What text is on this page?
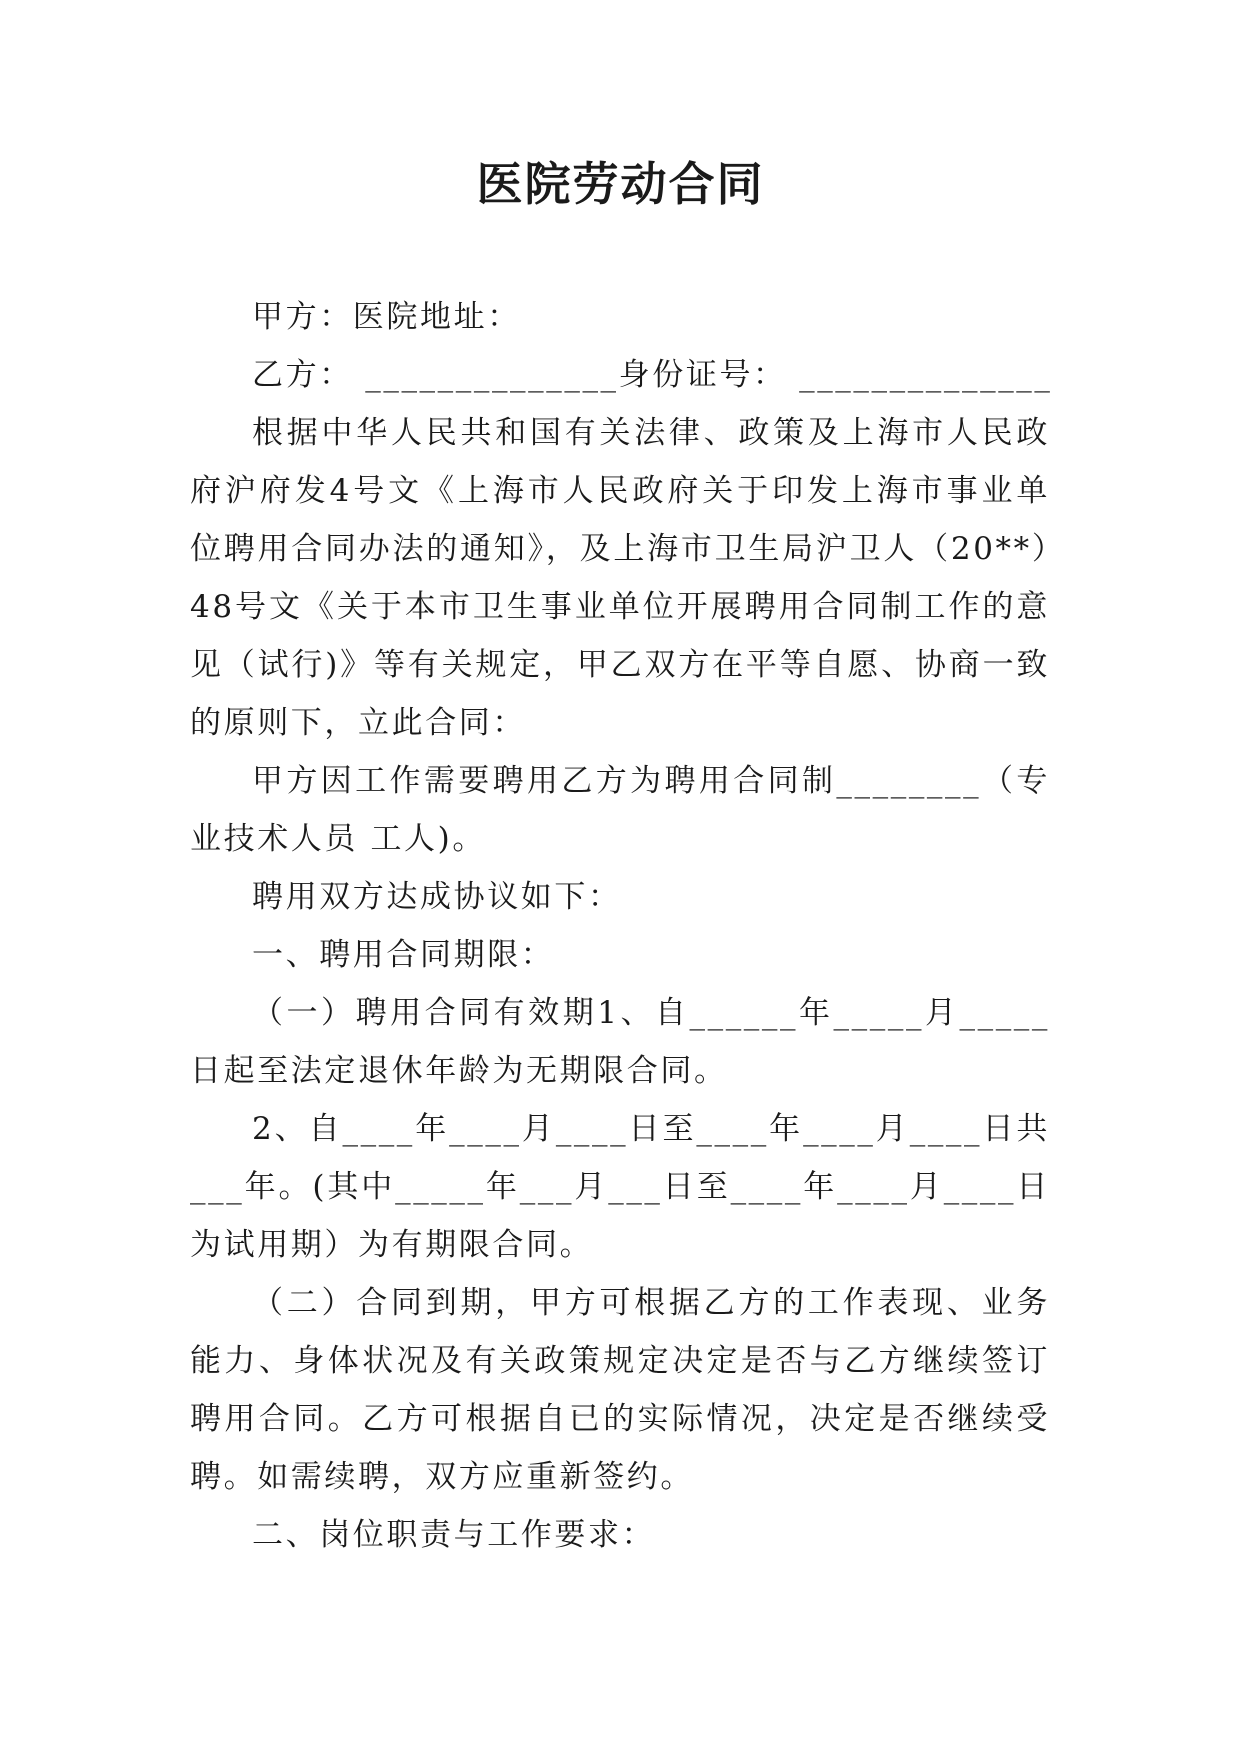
医院劳动合同

甲方：医院地址：

乙方： ______________身份证号： ______________

根据中华人民共和国有关法律、政策及上海市人民政府沪府发4号文《上海市人民政府关于印发上海市事业单位聘用合同办法的通知》，及上海市卫生局沪卫人（20**）48号文《关于本市卫生事业单位开展聘用合同制工作的意见（试行)》等有关规定，甲乙双方在平等自愿、协商一致的原则下，立此合同：

甲方因工作需要聘用乙方为聘用合同制________（专业技术人员 工人)。

聘用双方达成协议如下：

一、聘用合同期限：

（一）聘用合同有效期1、自______年_____月_____日起至法定退休年龄为无期限合同。

2、自____年____月____日至____年____月____日共___年。(其中_____年___月___日至____年____月____日为试用期）为有期限合同。

（二）合同到期，甲方可根据乙方的工作表现、业务能力、身体状况及有关政策规定决定是否与乙方继续签订聘用合同。乙方可根据自已的实际情况，决定是否继续受聘。如需续聘，双方应重新签约。

二、岗位职责与工作要求：
